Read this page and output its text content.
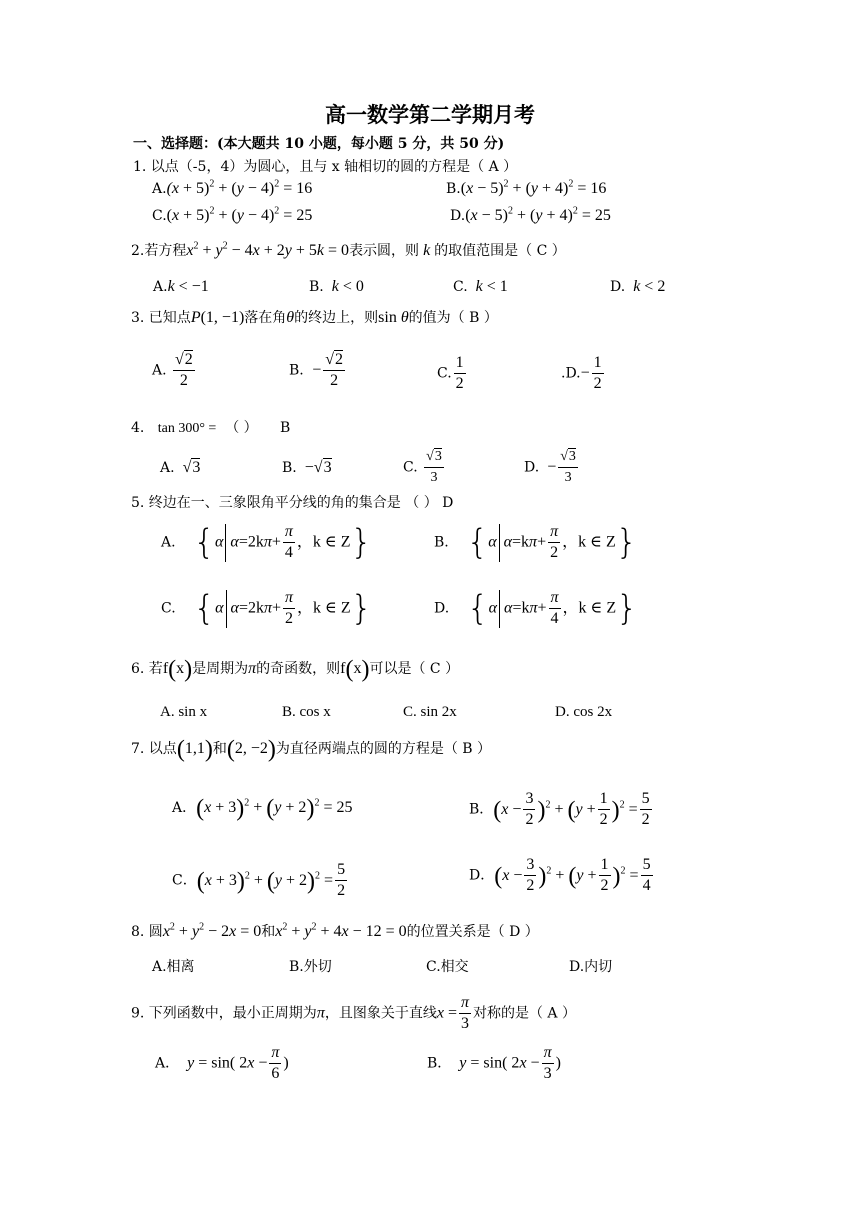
高一数学第二学期月考
一、选择题：(本大题共 10 小题，每小题 5 分，共 50 分)
1. 以点（-5，4）为圆心，且与 x 轴相切的圆的方程是（ A ）
$A.(x + 5)^2 + (y - 4)^2 = 16$	$B.(x - 5)^2 + (y + 4)^2 = 16$
$C.(x + 5)^2 + (y - 4)^2 = 25$	$D.(x - 5)^2 + (y + 4)^2 = 25$
2.若方程$x^2 + y^2 - 4x + 2y + 5k = 0$表示圆，则 k 的取值范围是（ C ）
A.k < −1	B. k < 0	C. k < 1	D. k < 2
3. 已知点P(1, −1)落在角θ的终边上，则sin θ的值为（ B ）
A. $\frac{√2}{2}$	B.  − $\frac{√2}{2}$	C. $\frac{1}{2}$	$.D.- \frac{1}{2}$
4. tan 300° = （ ） B
A.  √3	B.  −√3	C. $\frac{√3}{3}$	D.  − $\frac{√3}{3}$
5. 终边在一、三象限角平分线的角的集合是 （ ） D
A. {α $\alpha=2k\pi+ \frac{\pi}{4}$ ，k ∈ Z}	B. {α $\alpha=k\pi+ \frac{\pi}{2}$ ，k ∈ Z}
C. {α $\alpha=2k\pi+ \frac{\pi}{2}$ ，k ∈ Z}	D. {α $\alpha=k\pi+ \frac{\pi}{4}$ ，k ∈ Z}
6. 若f(x)是周期为π的奇函数，则f(x)可以是（ C ）
A. sin x	B. cos x	C. sin 2x	D. cos 2x
7. 以点(1,1)和(2, −2)为直径两端点的圆的方程是（ B ）
A．$(x + 3)^2 + (y + 2)^2 = 25$	B．$(x - \frac{3}{2} )^2 + (y + \frac{1}{2} )^2 = \frac{5}{2}$
C．$(x + 3)^2 + (y + 2)^2 = \frac{5}{2}$	D．$(x - \frac{3}{2} )^2 + (y + \frac{1}{2} )^2 = \frac{5}{4}$
8. 圆$x^2 + y^2 - 2x = 0$和$x^2 + y^2 + 4x - 12 = 0$的位置关系是（ D ）
A.相离	B.外切	C.相交	D.内切
9. 下列函数中，最小正周期为π，且图象关于直线$x = \frac{\pi}{3}$ 对称的是（ A ）
A． y = sin( $2x - \frac{\pi}{6}$ )	B． y = sin( $2x - \frac{\pi}{3}$ )
